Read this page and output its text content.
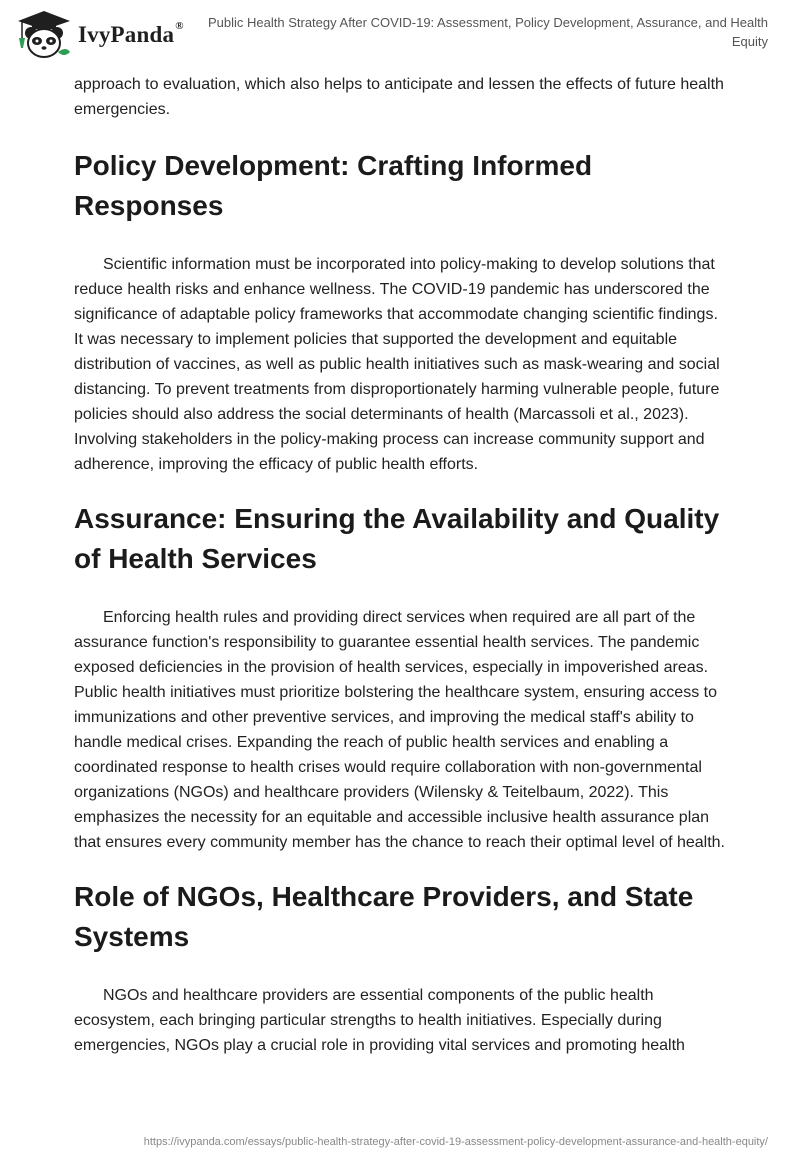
IvyPanda® Public Health Strategy After COVID-19: Assessment, Policy Development, Assurance, and Health Equity

approach to evaluation, which also helps to anticipate and lessen the effects of future health emergencies.

Policy Development: Crafting Informed Responses

Scientific information must be incorporated into policy-making to develop solutions that reduce health risks and enhance wellness. The COVID-19 pandemic has underscored the significance of adaptable policy frameworks that accommodate changing scientific findings. It was necessary to implement policies that supported the development and equitable distribution of vaccines, as well as public health initiatives such as mask-wearing and social distancing. To prevent treatments from disproportionately harming vulnerable people, future policies should also address the social determinants of health (Marcassoli et al., 2023). Involving stakeholders in the policy-making process can increase community support and adherence, improving the efficacy of public health efforts.

Assurance: Ensuring the Availability and Quality of Health Services

Enforcing health rules and providing direct services when required are all part of the assurance function's responsibility to guarantee essential health services. The pandemic exposed deficiencies in the provision of health services, especially in impoverished areas. Public health initiatives must prioritize bolstering the healthcare system, ensuring access to immunizations and other preventive services, and improving the medical staff's ability to handle medical crises. Expanding the reach of public health services and enabling a coordinated response to health crises would require collaboration with non-governmental organizations (NGOs) and healthcare providers (Wilensky & Teitelbaum, 2022). This emphasizes the necessity for an equitable and accessible inclusive health assurance plan that ensures every community member has the chance to reach their optimal level of health.

Role of NGOs, Healthcare Providers, and State Systems

NGOs and healthcare providers are essential components of the public health ecosystem, each bringing particular strengths to health initiatives. Especially during emergencies, NGOs play a crucial role in providing vital services and promoting health

https://ivypanda.com/essays/public-health-strategy-after-covid-19-assessment-policy-development-assurance-and-health-equity/
